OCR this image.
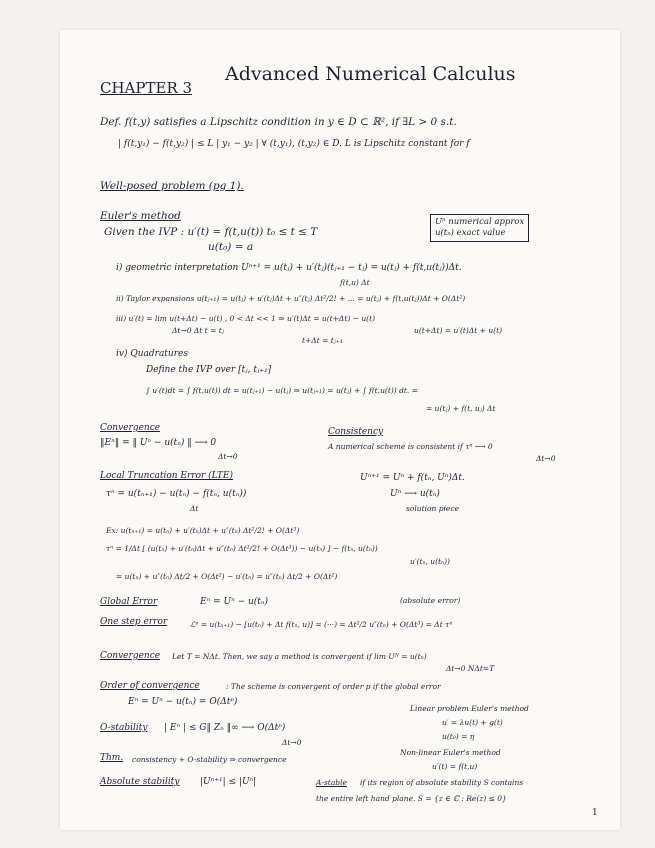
CHAPTER 3
Advanced Numerical Calculus
Def. f(t,y) satisfies a Lipschitz condition in y ∈ D ⊂ ℝ², if ∃L > 0 s.t.
| f(t,y₁) − f(t,y₂) | ≤ L | y₁ − y₂ | ∀ (t,y₁), (t,y₂) ∈ D. L is Lipschitz constant for f
Well-posed problem (pg 1).
Euler's method
Given the IVP : u′(t) = f(t,u(t)) t₀ ≤ t ≤ T
u(t₀) = a
Uⁿ numerical approx
u(tₙ) exact value
i) geometric interpretation Uⁿ⁺¹ = u(tⱼ) + u′(tⱼ)(tⱼ₊₁ − tⱼ) = u(tⱼ) + f(t,u(tⱼ))Δt.
f(t,u) Δt
ii) Taylor expansions u(tⱼ₊₁) = u(tⱼ) + u′(tⱼ)Δt + u″(tⱼ) Δt²/2! + ... = u(tⱼ) + f(t,u(tⱼ))Δt + O(Δt²)
iii) u′(t) = lim u(t+Δt) − u(t) , 0 < Δt << 1 ⇒ u′(t)Δt = u(t+Δt) − u(t)
Δt→0 Δt t = tⱼ
t+Δt = tⱼ₊₁
u(t+Δt) = u′(t)Δt + u(t)
iv) Quadratures
Define the IVP over [tⱼ, tⱼ₊₁]
∫ u′(t)dt = ∫ f(t,u(t)) dt = u(tⱼ₊₁) − u(tⱼ) ⇒ u(tⱼ₊₁) = u(tⱼ) + ∫ f(t,u(t)) dt. =
= u(tⱼ) + f(t, uⱼ) Δt
Convergence
‖Eⁿ‖ = ‖ Uⁿ − u(tₙ) ‖ ⟶ 0
Δt→0
Consistency
A numerical scheme is consistent if τⁿ ⟶ 0
Δt→0
Local Truncation Error (LTE)
τⁿ = u(tₙ₊₁) − u(tₙ) − f(tₙ, u(tₙ))
Δt
Uⁿ⁺¹ = Uⁿ + f(tₙ, Uⁿ)Δt.
Uⁿ ⟶ u(tₙ)
solution piece
Ex: u(tₙ₊₁) = u(tₙ) + u′(tₙ)Δt + u″(tₙ) Δt²/2! + O(Δt³)
τⁿ = 1/Δt [ (u(tₙ) + u′(tₙ)Δt + u″(tₙ) Δt²/2! + O(Δt³)) − u(tₙ) ] − f(tₙ, u(tₙ))
u′(tₙ, u(tₙ))
= u(tₙ) + u″(tₙ) Δt/2 + O(Δt²) − u′(tₙ) = u″(tₙ) Δt/2 + O(Δt²)
Global Error	Eⁿ = Uⁿ − u(tₙ)	(absolute error)
One step error	ℒⁿ = u(tₙ₊₁) − [u(tₙ) + Δt f(tₙ, u)] = (···) = Δt²/2 u″(tₙ) + O(Δt³) = Δt τⁿ
Convergence Let T = NΔt. Then, we say a method is convergent if lim Uᴺ = u(tₙ)
Δt→0 NΔt=T
Order of convergence	: The scheme is convergent of order p if the global error
Eⁿ = Uⁿ − u(tₙ) = O(Δtᵖ)
O-stability | Eⁿ | ≤ G‖ Zₙ ‖∞ ⟶ O(Δtᵖ)
Δt→0
Linear problem Euler's method
u′ = λu(t) + g(t)
u(t₀) = η
Non-linear Euler's method
u′(t) = f(t,u)
Thm. consistency + O-stability ⇒ convergence
Absolute stability |Uⁿ⁺¹| ≤ |Uⁿ|	A-stable if its region of absolute stability S contains
the entire left hand plane. S = {z ∈ ℂ : Re(z) ≤ 0}
1
